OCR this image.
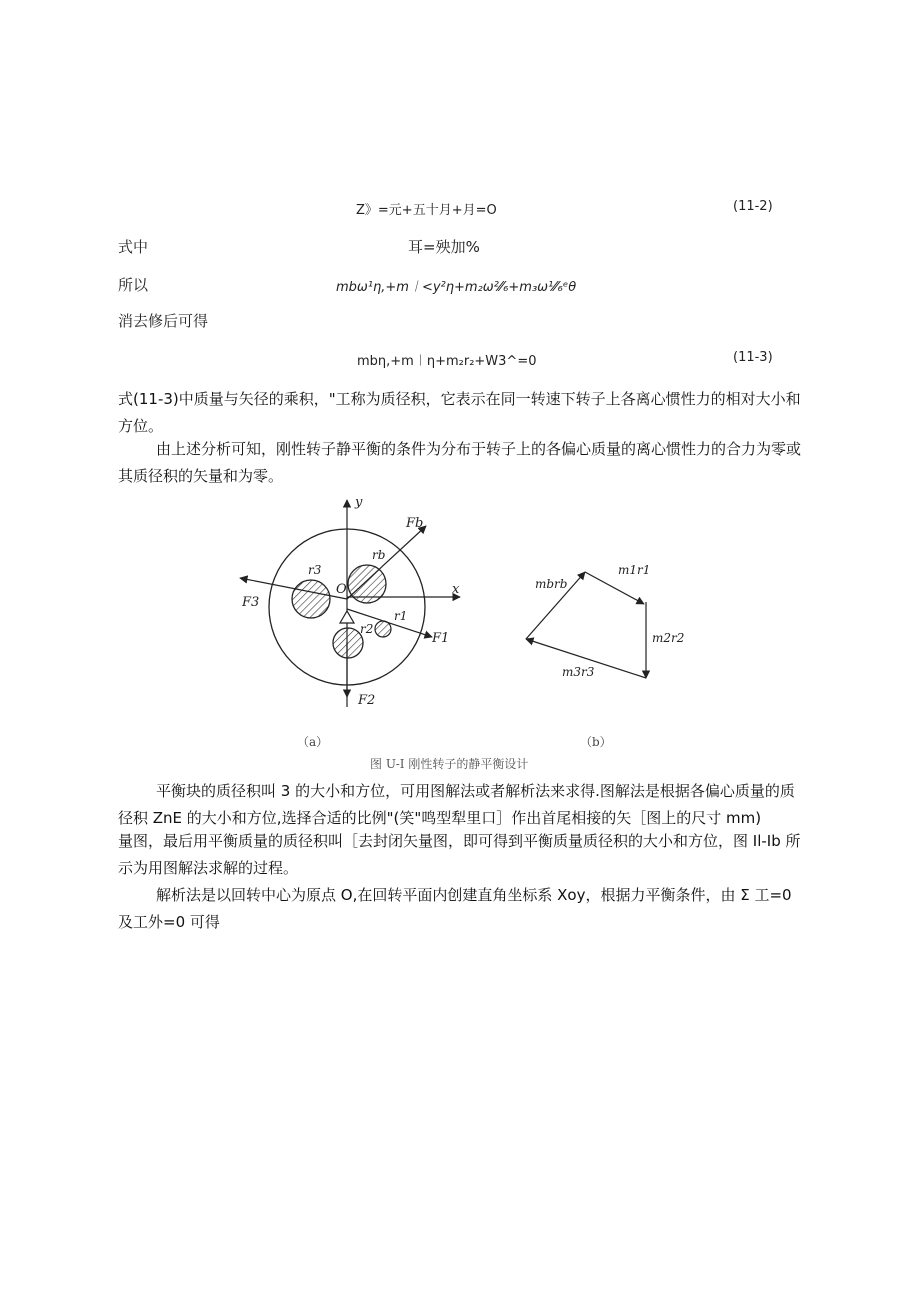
Z》=元+五十月+月=O	(11-2)
式中	耳=殃加%
所以	mbω¹η,+m︱<y²η+m₂ω²⁄⁄₆+m₃ω¹⁄⁄₆ᵉθ
消去修后可得
mbη,+m︱η+m₂r₂+W3^=0	(11-3)
式(11-3)中质量与矢径的乘积，"工称为质径积，它表示在同一转速下转子上各离心惯性力的相对大小和方位。
由上述分析可知，刚性转子静平衡的条件为分布于转子上的各偏心质量的离心惯性力的合力为零或其质径积的矢量和为零。
y
x
O
r3
rb
r1
r2
F3
Fb
F1
F2
mbrb
m1r1
m2r2
m3r3
（a）	（b）
图 U-I 刚性转子的静平衡设计
平衡块的质径积叫 3 的大小和方位，可用图解法或者解析法来求得.图解法是根据各偏心质量的质径积 ZnE 的大小和方位,选择合适的比例"(笑"鸣型犁里口］作出首尾相接的矢［图上的尺寸 mm)
量图，最后用平衡质量的质径积叫［去封闭矢量图，即可得到平衡质量质径积的大小和方位，图 Il-Ib 所示为用图解法求解的过程。
解析法是以回转中心为原点 O,在回转平面内创建直角坐标系 Xoy，根据力平衡条件，由 Σ 工=0 及工外=0 可得
